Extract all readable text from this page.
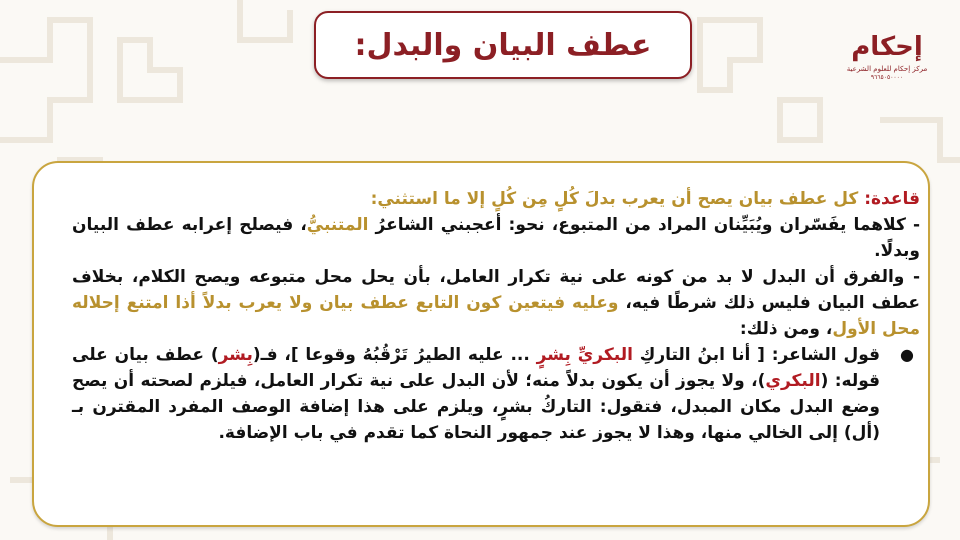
عطف البيان والبدل:	إحكام
مركز إحكام للعلوم الشرعية
٩٦٦٥٠٥٠٠٠٠

قاعدة: كل عطف بيان يصح أن يعرب بدلَ كُلٍ مِن كُلٍ إلا ما استثني:

- كلاهما يفَسّران ويُبَيِّنان المراد من المتبوع، نحو: أعجبني الشاعرُ المتنبيُّ، فيصلح إعرابه عطف البيان وبدلًا.

- والفرق أن البدل لا بد من كونه على نية تكرار العامل، بأن يحل محل متبوعه ويصح الكلام، بخلاف عطف البيان فليس ذلك شرطًا فيه، وعليه فيتعين كون التابع عطف بيان ولا يعرب بدلاً أذا امتنع إحلاله محل الأول، ومن ذلك:

●
قول الشاعر: [ أنا ابنُ التاركِ البكريِّ بِشرٍ ... عليه الطيرُ تَرْقُبُهُ وقوعا ]، فـ(بِشر) عطف بيان على قوله: (البكري)، ولا يجوز أن يكون بدلاً منه؛ لأن البدل على نية تكرار العامل، فيلزم لصحته أن يصح وضع البدل مكان المبدل، فتقول: التاركُ بشرٍ، ويلزم على هذا إضافة الوصف المفرد المقترن بـ (أل) إلى الخالي منها، وهذا لا يجوز عند جمهور النحاة كما تقدم في باب الإضافة.
